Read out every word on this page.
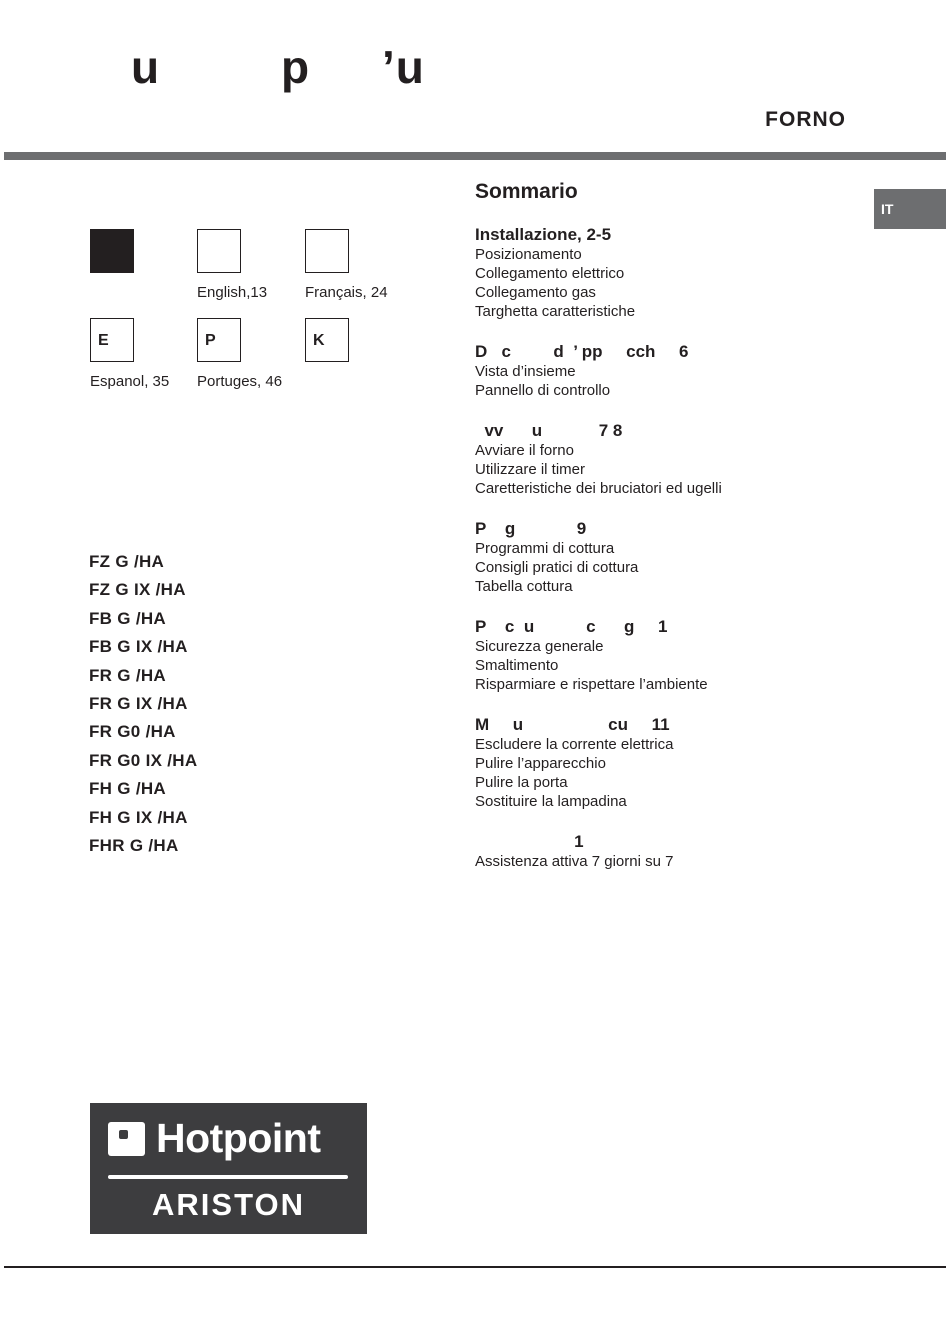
u	p ’u
FORNO
IT
English,13	Français, 24
E
Espanol, 35
P
Portuges, 46
K
FZ G /HA
FZ G IX /HA
FB G /HA
FB G IX /HA
FR G /HA
FR G IX /HA
FR G0 /HA
FR G0 IX /HA
FH G /HA
FH G IX /HA
FHR G /HA
Sommario
Installazione, 2-5
Posizionamento
Collegamento elettrico
Collegamento gas
Targhetta caratteristiche
D   c         d  ’ pp     cch     6
Vista d’insieme
Pannello di controllo
vv      u            7 8
Avviare il forno
Utilizzare il timer
Caretteristiche dei bruciatori ed ugelli
P    g             9
Programmi di cottura
Consigli pratici di cottura
Tabella cottura
P    c  u           c      g     1
Sicurezza generale
Smaltimento
Risparmiare e rispettare l’ambiente
M     u                  cu     11
Escludere la corrente elettrica
Pulire l’apparecchio
Pulire la porta
Sostituire la lampadina
1
Assistenza attiva 7 giorni su 7
Hotpoint
ARISTON
